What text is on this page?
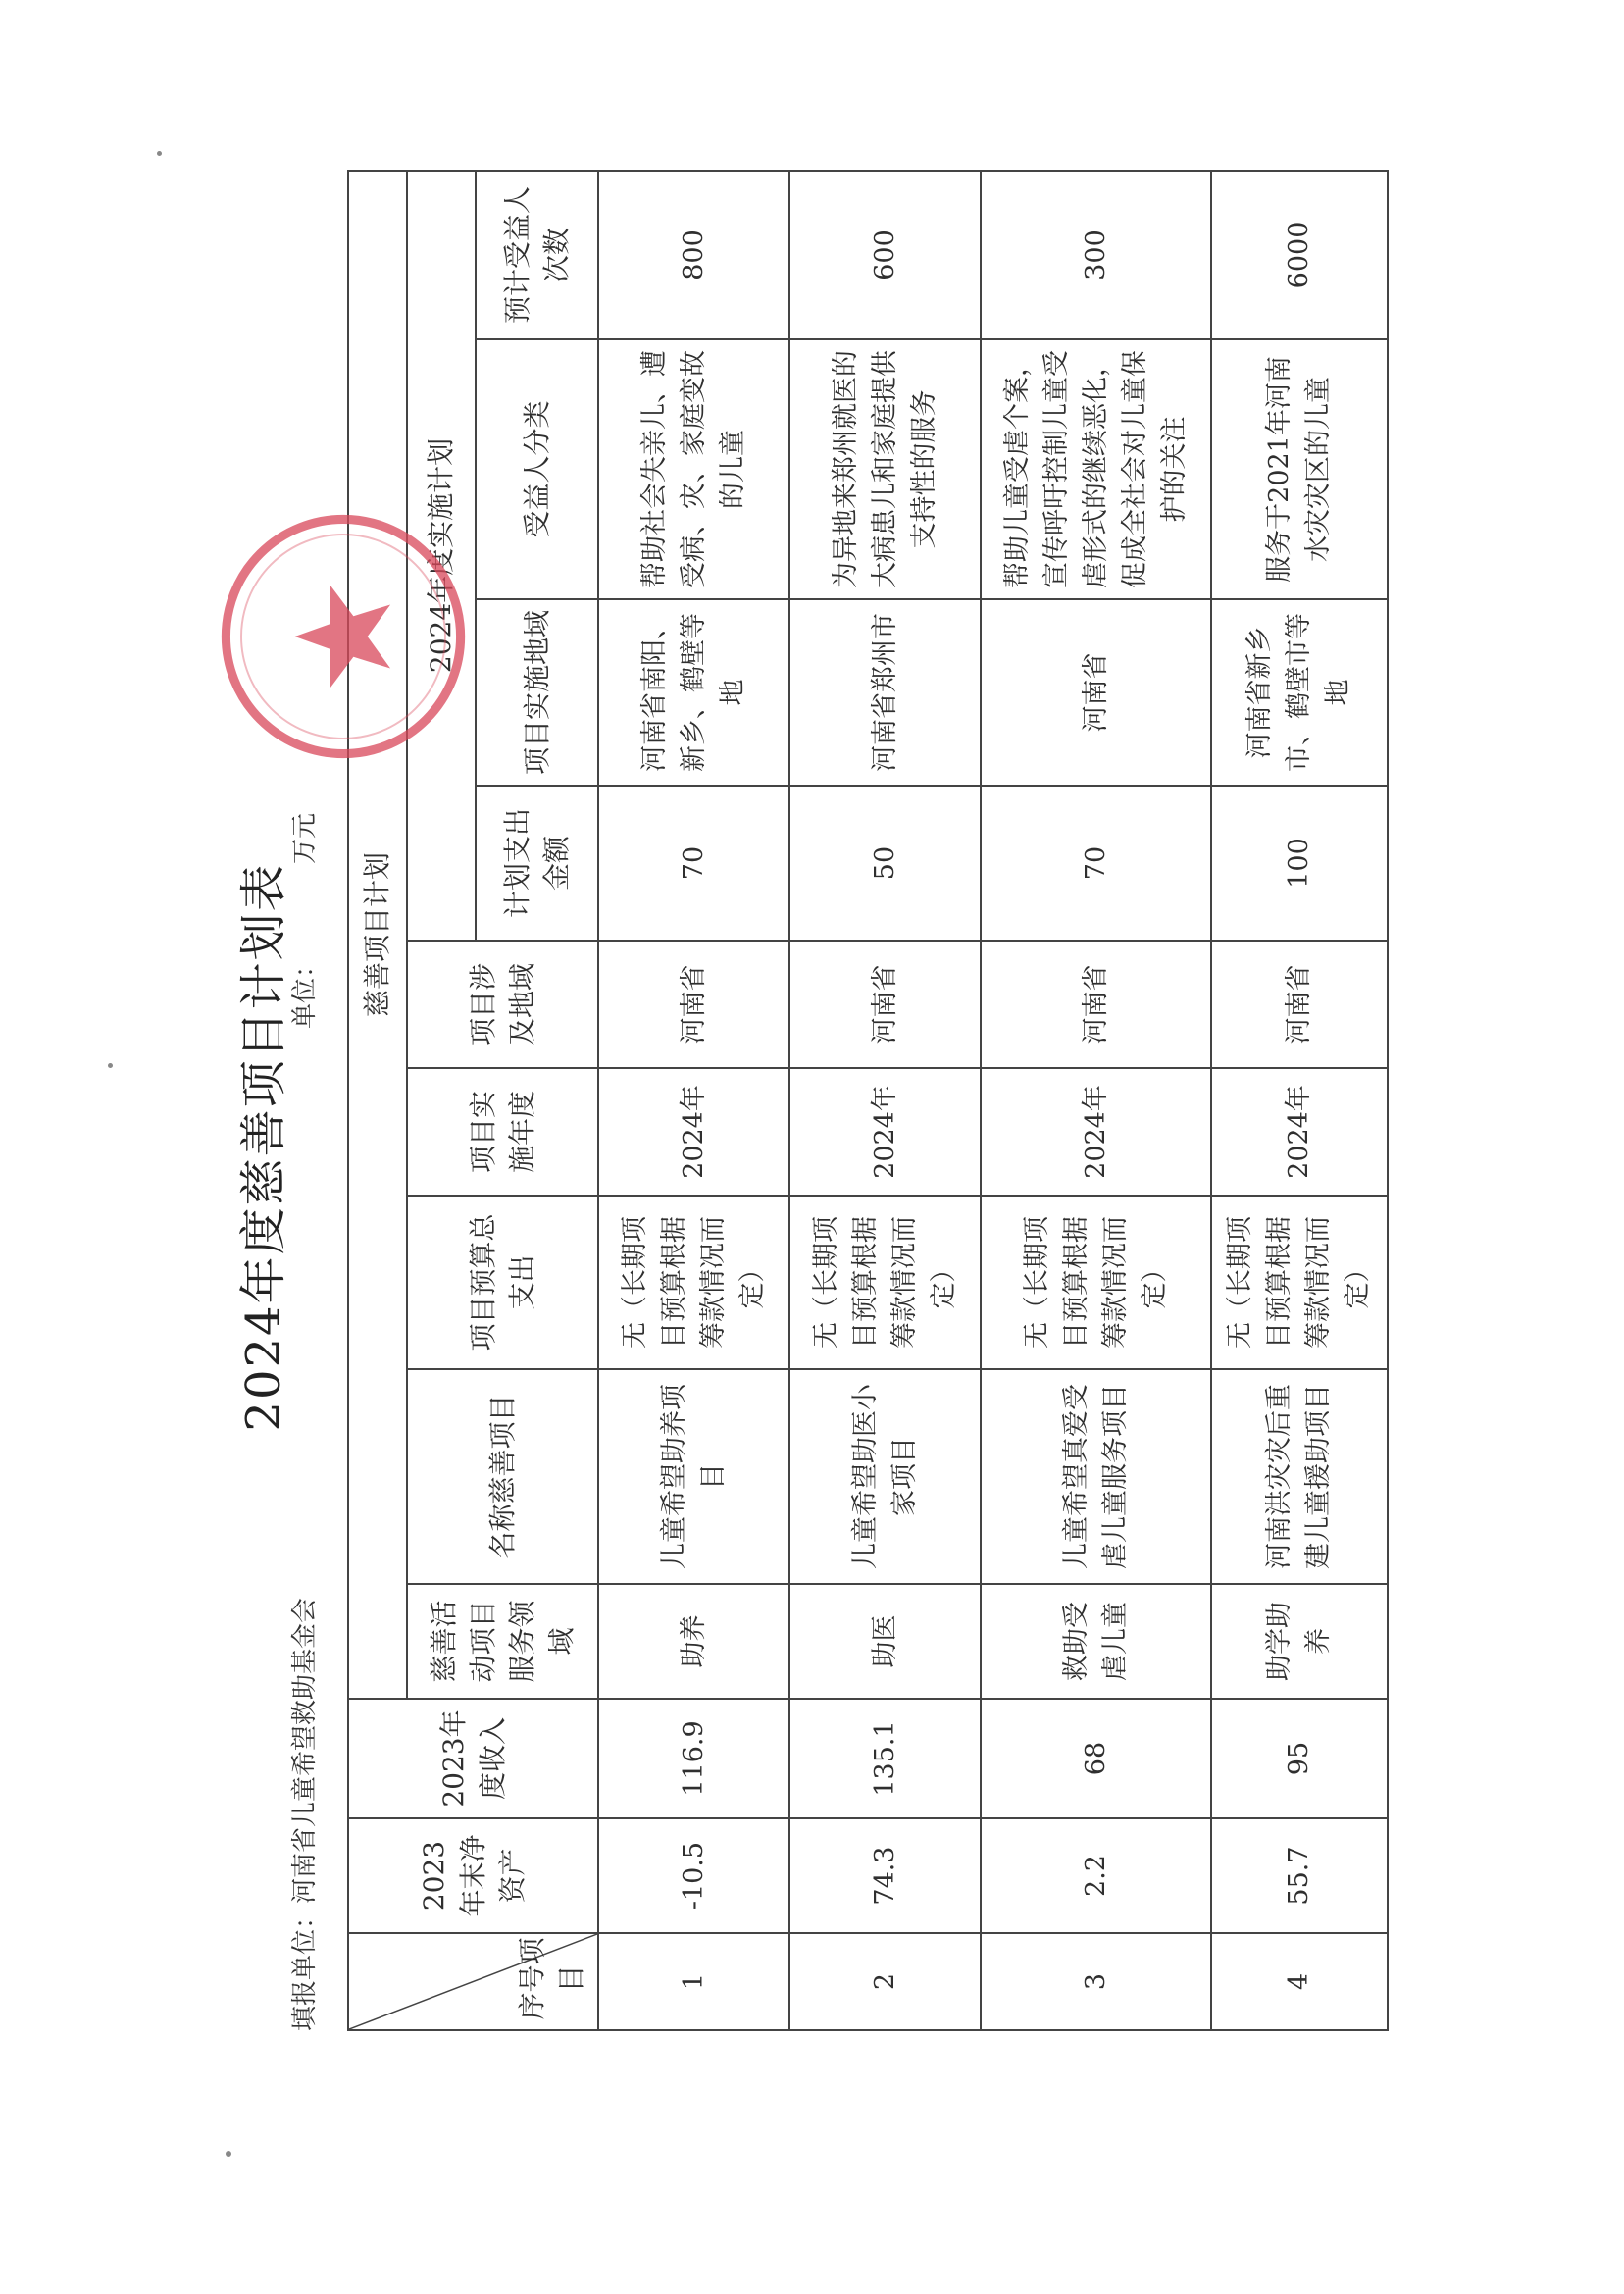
2024年度慈善项目计划表
填报单位：河南省儿童希望救助基金会
单位：万元
序号项目	2023年末净资产	2023年度收入	慈善项目计划								
			慈善活动项目服务领域	名称慈善项目	项目预算总支出	项目实施年度	项目涉及地域	2024年度实施计划			
								计划支出金额	项目实施地域	受益人分类	预计受益人次数
1	-10.5	116.9	助养	儿童希望助养项目	无（长期项目预算根据筹款情况而定）	2024年	河南省	70	河南省南阳、新乡、鹤壁等地	帮助社会失亲儿、遭受病、灾、家庭变故的儿童	800
2	74.3	135.1	助医	儿童希望助医小家项目	无（长期项目预算根据筹款情况而定）	2024年	河南省	50	河南省郑州市	为异地来郑州就医的大病患儿和家庭提供支持性的服务	600
3	2.2	68	救助受虐儿童	儿童希望真爱受虐儿童服务项目	无（长期项目预算根据筹款情况而定）	2024年	河南省	70	河南省	帮助儿童受虐个案，宣传呼吁控制儿童受虐形式的继续恶化，促成全社会对儿童保护的关注	300
4	55.7	95	助学助养	河南洪灾灾后重建儿童援助项目	无（长期项目预算根据筹款情况而定）	2024年	河南省	100	河南省新乡市、鹤壁市等地	服务于2021年河南水灾灾区的儿童	6000
